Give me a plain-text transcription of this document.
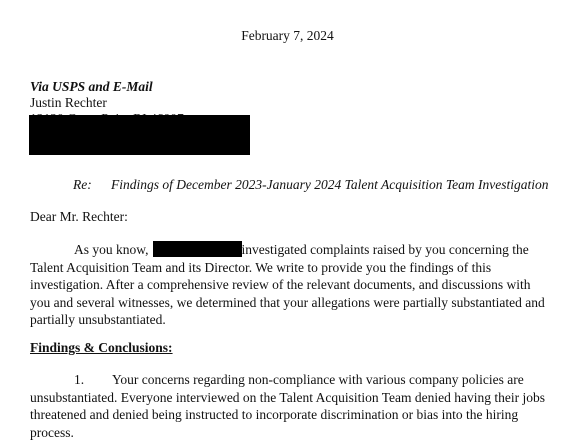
February 7, 2024
Via USPS and E-Mail
Justin Rechter
Re: Findings of December 2023-January 2024 Talent Acquisition Team Investigation
Dear Mr. Rechter:
As you know,	investigated complaints raised by you concerning the Talent Acquisition Team and its Director. We write to provide you the findings of this investigation. After a comprehensive review of the relevant documents, and discussions with you and several witnesses, we determined that your allegations were partially substantiated and partially unsubstantiated.
Findings & Conclusions:
1. Your concerns regarding non-compliance with various company policies are unsubstantiated. Everyone interviewed on the Talent Acquisition Team denied having their jobs threatened and denied being instructed to incorporate discrimination or bias into the hiring process.
